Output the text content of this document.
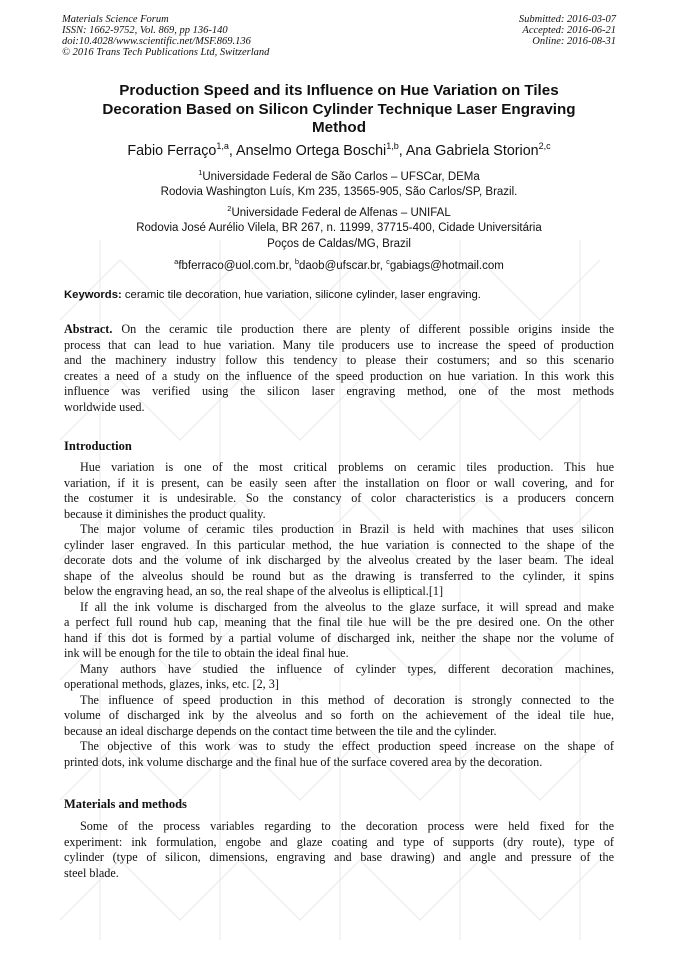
Materials Science Forum
ISSN: 1662-9752, Vol. 869, pp 136-140
doi:10.4028/www.scientific.net/MSF.869.136
© 2016 Trans Tech Publications Ltd, Switzerland
Submitted: 2016-03-07
Accepted: 2016-06-21
Online: 2016-08-31
Production Speed and its Influence on Hue Variation on Tiles
Decoration Based on Silicon Cylinder Technique Laser Engraving
Method
Fabio Ferraço$^{1,a}$, Anselmo Ortega Boschi$^{1,b}$, Ana Gabriela Storion$^{2,c}$
$^1$Universidade Federal de São Carlos – UFSCar, DEMa
Rodovia Washington Luís, Km 235, 13565-905, São Carlos/SP, Brazil.
$^2$Universidade Federal de Alfenas – UNIFAL
Rodovia José Aurélio Vilela, BR 267, n. 11999, 37715-400, Cidade Universitária
Poços de Caldas/MG, Brazil
$^a$fbferraco@uol.com.br, $^b$daob@ufscar.br, $^c$gabiags@hotmail.com
Keywords: ceramic tile decoration, hue variation, silicone cylinder, laser engraving.
Abstract. On the ceramic tile production there are plenty of different possible origins inside the
process that can lead to hue variation. Many tile producers use to increase the speed of production
and the machinery industry follow this tendency to please their costumers; and so this scenario
creates a need of a study on the influence of the speed production on hue variation. In this work this
influence was verified using the silicon laser engraving method, one of the most methods
worldwide used.
Introduction
Hue variation is one of the most critical problems on ceramic tiles production. This hue
variation, if it is present, can be easily seen after the installation on floor or wall covering, and for
the costumer it is undesirable. So the constancy of color characteristics is a producers concern
because it diminishes the product quality.
The major volume of ceramic tiles production in Brazil is held with machines that uses silicon
cylinder laser engraved. In this particular method, the hue variation is connected to the shape of the
decorate dots and the volume of ink discharged by the alveolus created by the laser beam. The ideal
shape of the alveolus should be round but as the drawing is transferred to the cylinder, it spins
below the engraving head, an so, the real shape of the alveolus is elliptical.[1]
If all the ink volume is discharged from the alveolus to the glaze surface, it will spread and make
a perfect full round hub cap, meaning that the final tile hue will be the pre desired one. On the other
hand if this dot is formed by a partial volume of discharged ink, neither the shape nor the volume of
ink will be enough for the tile to obtain the ideal final hue.
Many authors have studied the influence of cylinder types, different decoration machines,
operational methods, glazes, inks, etc. [2, 3]
The influence of speed production in this method of decoration is strongly connected to the
volume of discharged ink by the alveolus and so forth on the achievement of the ideal tile hue,
because an ideal discharge depends on the contact time between the tile and the cylinder.
The objective of this work was to study the effect production speed increase on the shape of
printed dots, ink volume discharge and the final hue of the surface covered area by the decoration.
Materials and methods
Some of the process variables regarding to the decoration process were held fixed for the
experiment: ink formulation, engobe and glaze coating and type of supports (dry route), type of
cylinder (type of silicon, dimensions, engraving and base drawing) and angle and pressure of the
steel blade.
